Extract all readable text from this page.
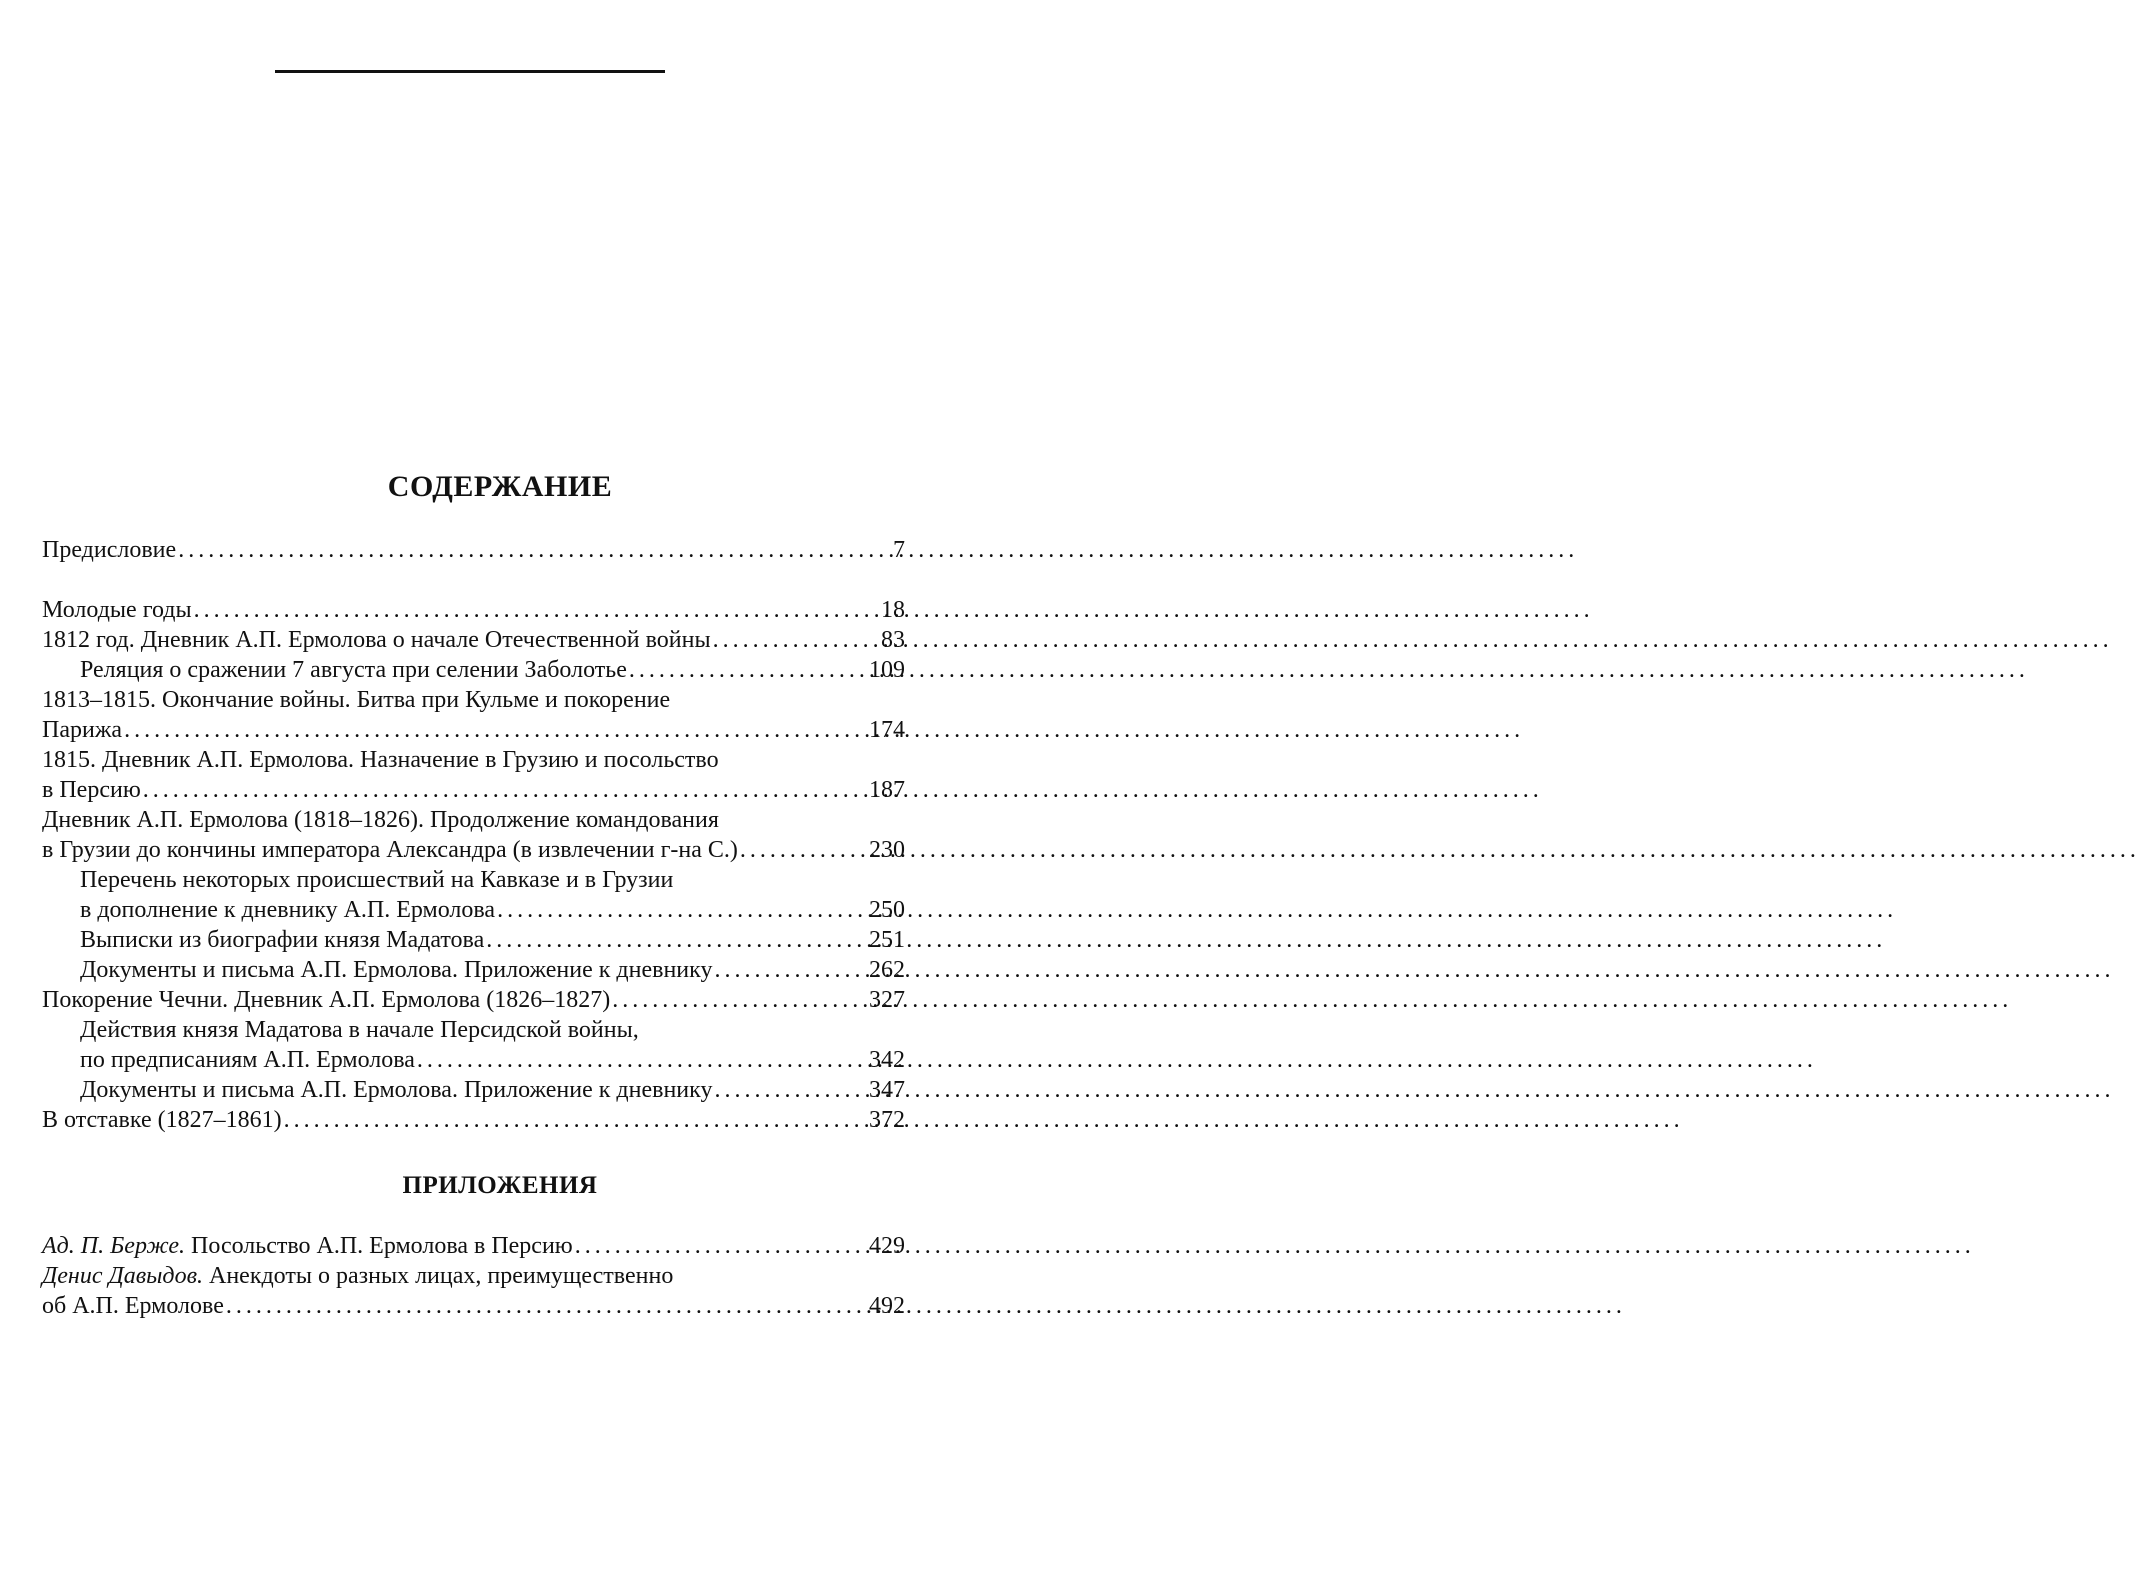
СОДЕРЖАНИЕ
Предисловие . . .	7
Молодые годы . . .	18
1812 год. Дневник А.П. Ермолова о начале Отечественной войны . . .	83
Реляция о сражении 7 августа при селении Заболотье . . .	109
1813–1815. Окончание войны. Битва при Кульме и покорение
Парижа . . .	174
1815. Дневник А.П. Ермолова. Назначение в Грузию и посольство
в Персию . . .	187
Дневник А.П. Ермолова (1818–1826). Продолжение командования
в Грузии до кончины императора Александра (в извлечении г-на С.) . . .	230
Перечень некоторых происшествий на Кавказе и в Грузии
в дополнение к дневнику А.П. Ермолова . . .	250
Выписки из биографии князя Мадатова . . .	251
Документы и письма А.П. Ермолова. Приложение к дневнику . . .	262
Покорение Чечни. Дневник А.П. Ермолова (1826–1827) . . .	327
Действия князя Мадатова в начале Персидской войны,
по предписаниям А.П. Ермолова . . .	342
Документы и письма А.П. Ермолова. Приложение к дневнику . . .	347
В отставке (1827–1861) . . .	372
ПРИЛОЖЕНИЯ
Ад. П. Берже. Посольство А.П. Ермолова в Персию . . .	429
Денис Давыдов. Анекдоты о разных лицах, преимущественно
об А.П. Ермолове . . .	492
